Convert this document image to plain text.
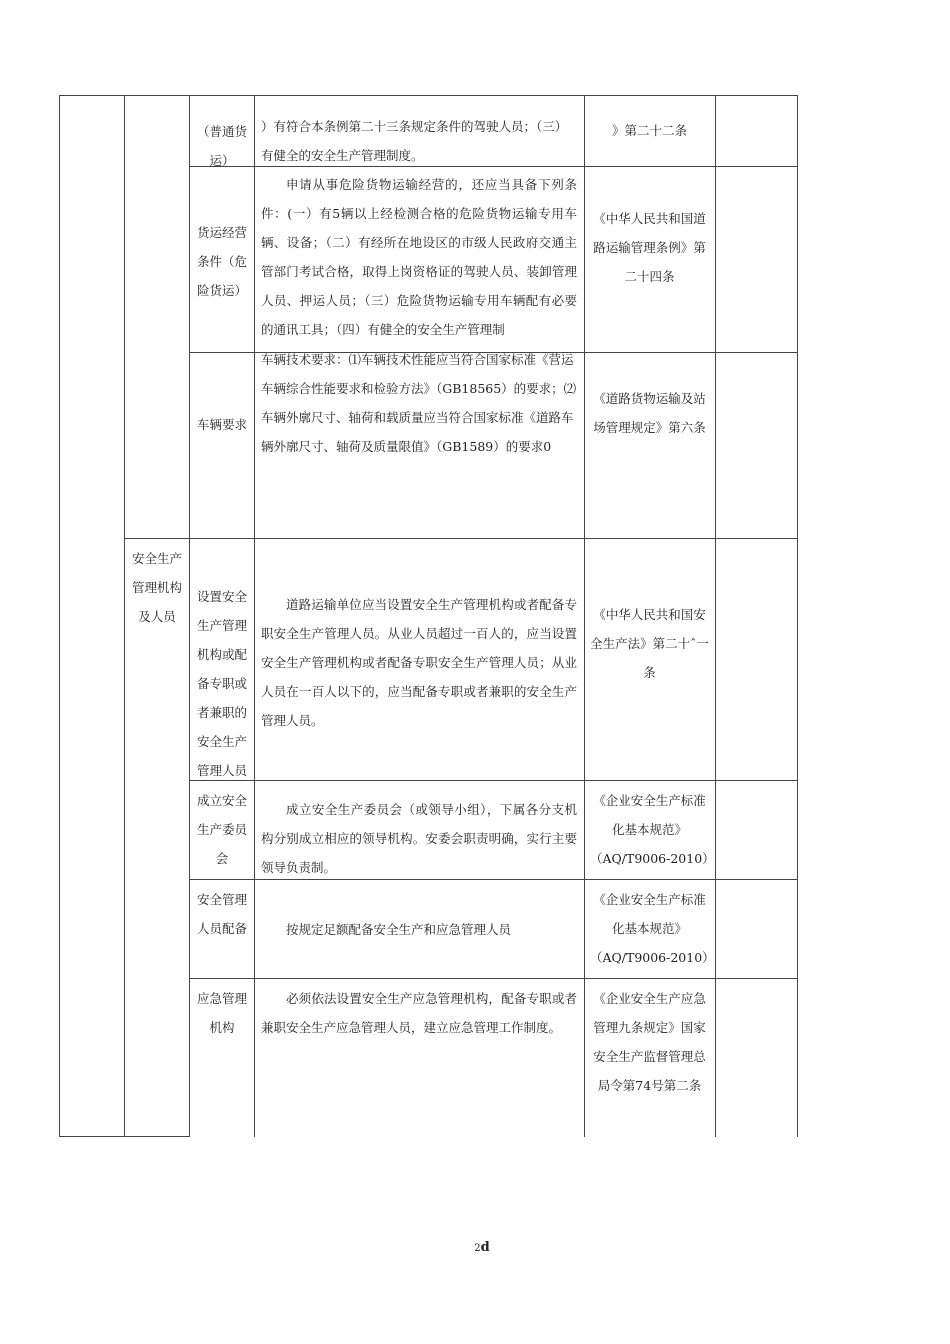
安全生产管理机构及人员
（普通货运）
）有符合本条例第二十三条规定条件的驾驶人员；（三）有健全的安全生产管理制度。
》第二十二条
货运经营条件（危险货运）
申请从事危险货物运输经营的，还应当具备下列条件：(一）有5辆以上经检测合格的危险货物运输专用车辆、设备；（二）有经所在地设区的市级人民政府交通主管部门考试合格，取得上岗资格证的驾驶人员、装卸管理人员、押运人员；（三）危险货物运输专用车辆配有必要的通讯工具；（四）有健全的安全生产管理制
《中华人民共和国道路运输管理条例》第二十四条
车辆要求
车辆技术要求：⑴车辆技术性能应当符合国家标准《营运车辆综合性能要求和检验方法》（GB18565）的要求；⑵车辆外廓尺寸、轴荷和载质量应当符合国家标准《道路车辆外廓尺寸、轴荷及质量限值》（GB1589）的要求0
《道路货物运输及站场管理规定》第六条
设置安全生产管理机构或配备专职或者兼职的安全生产管理人员
道路运输单位应当设置安全生产管理机构或者配备专职安全生产管理人员。从业人员超过一百人的，应当设置安全生产管理机构或者配备专职安全生产管理人员；从业人员在一百人以下的，应当配备专职或者兼职的安全生产管理人员。
《中华人民共和国安全生产法》第二十ˆ一条
成立安全生产委员会
成立安全生产委员会（或领导小组），下属各分支机构分别成立相应的领导机构。安委会职责明确，实行主要领导负责制。
《企业安全生产标准化基本规范》（AQ/T9006-2010）
安全管理人员配备	按规定足额配备安全生产和应急管理人员
《企业安全生产标准化基本规范》（AQ/T9006-2010）
应急管理机构
必须依法设置安全生产应急管理机构，配备专职或者兼职安全生产应急管理人员，建立应急管理工作制度。
《企业安全生产应急管理九条规定》国家安全生产监督管理总局令第74号第二条
2d
